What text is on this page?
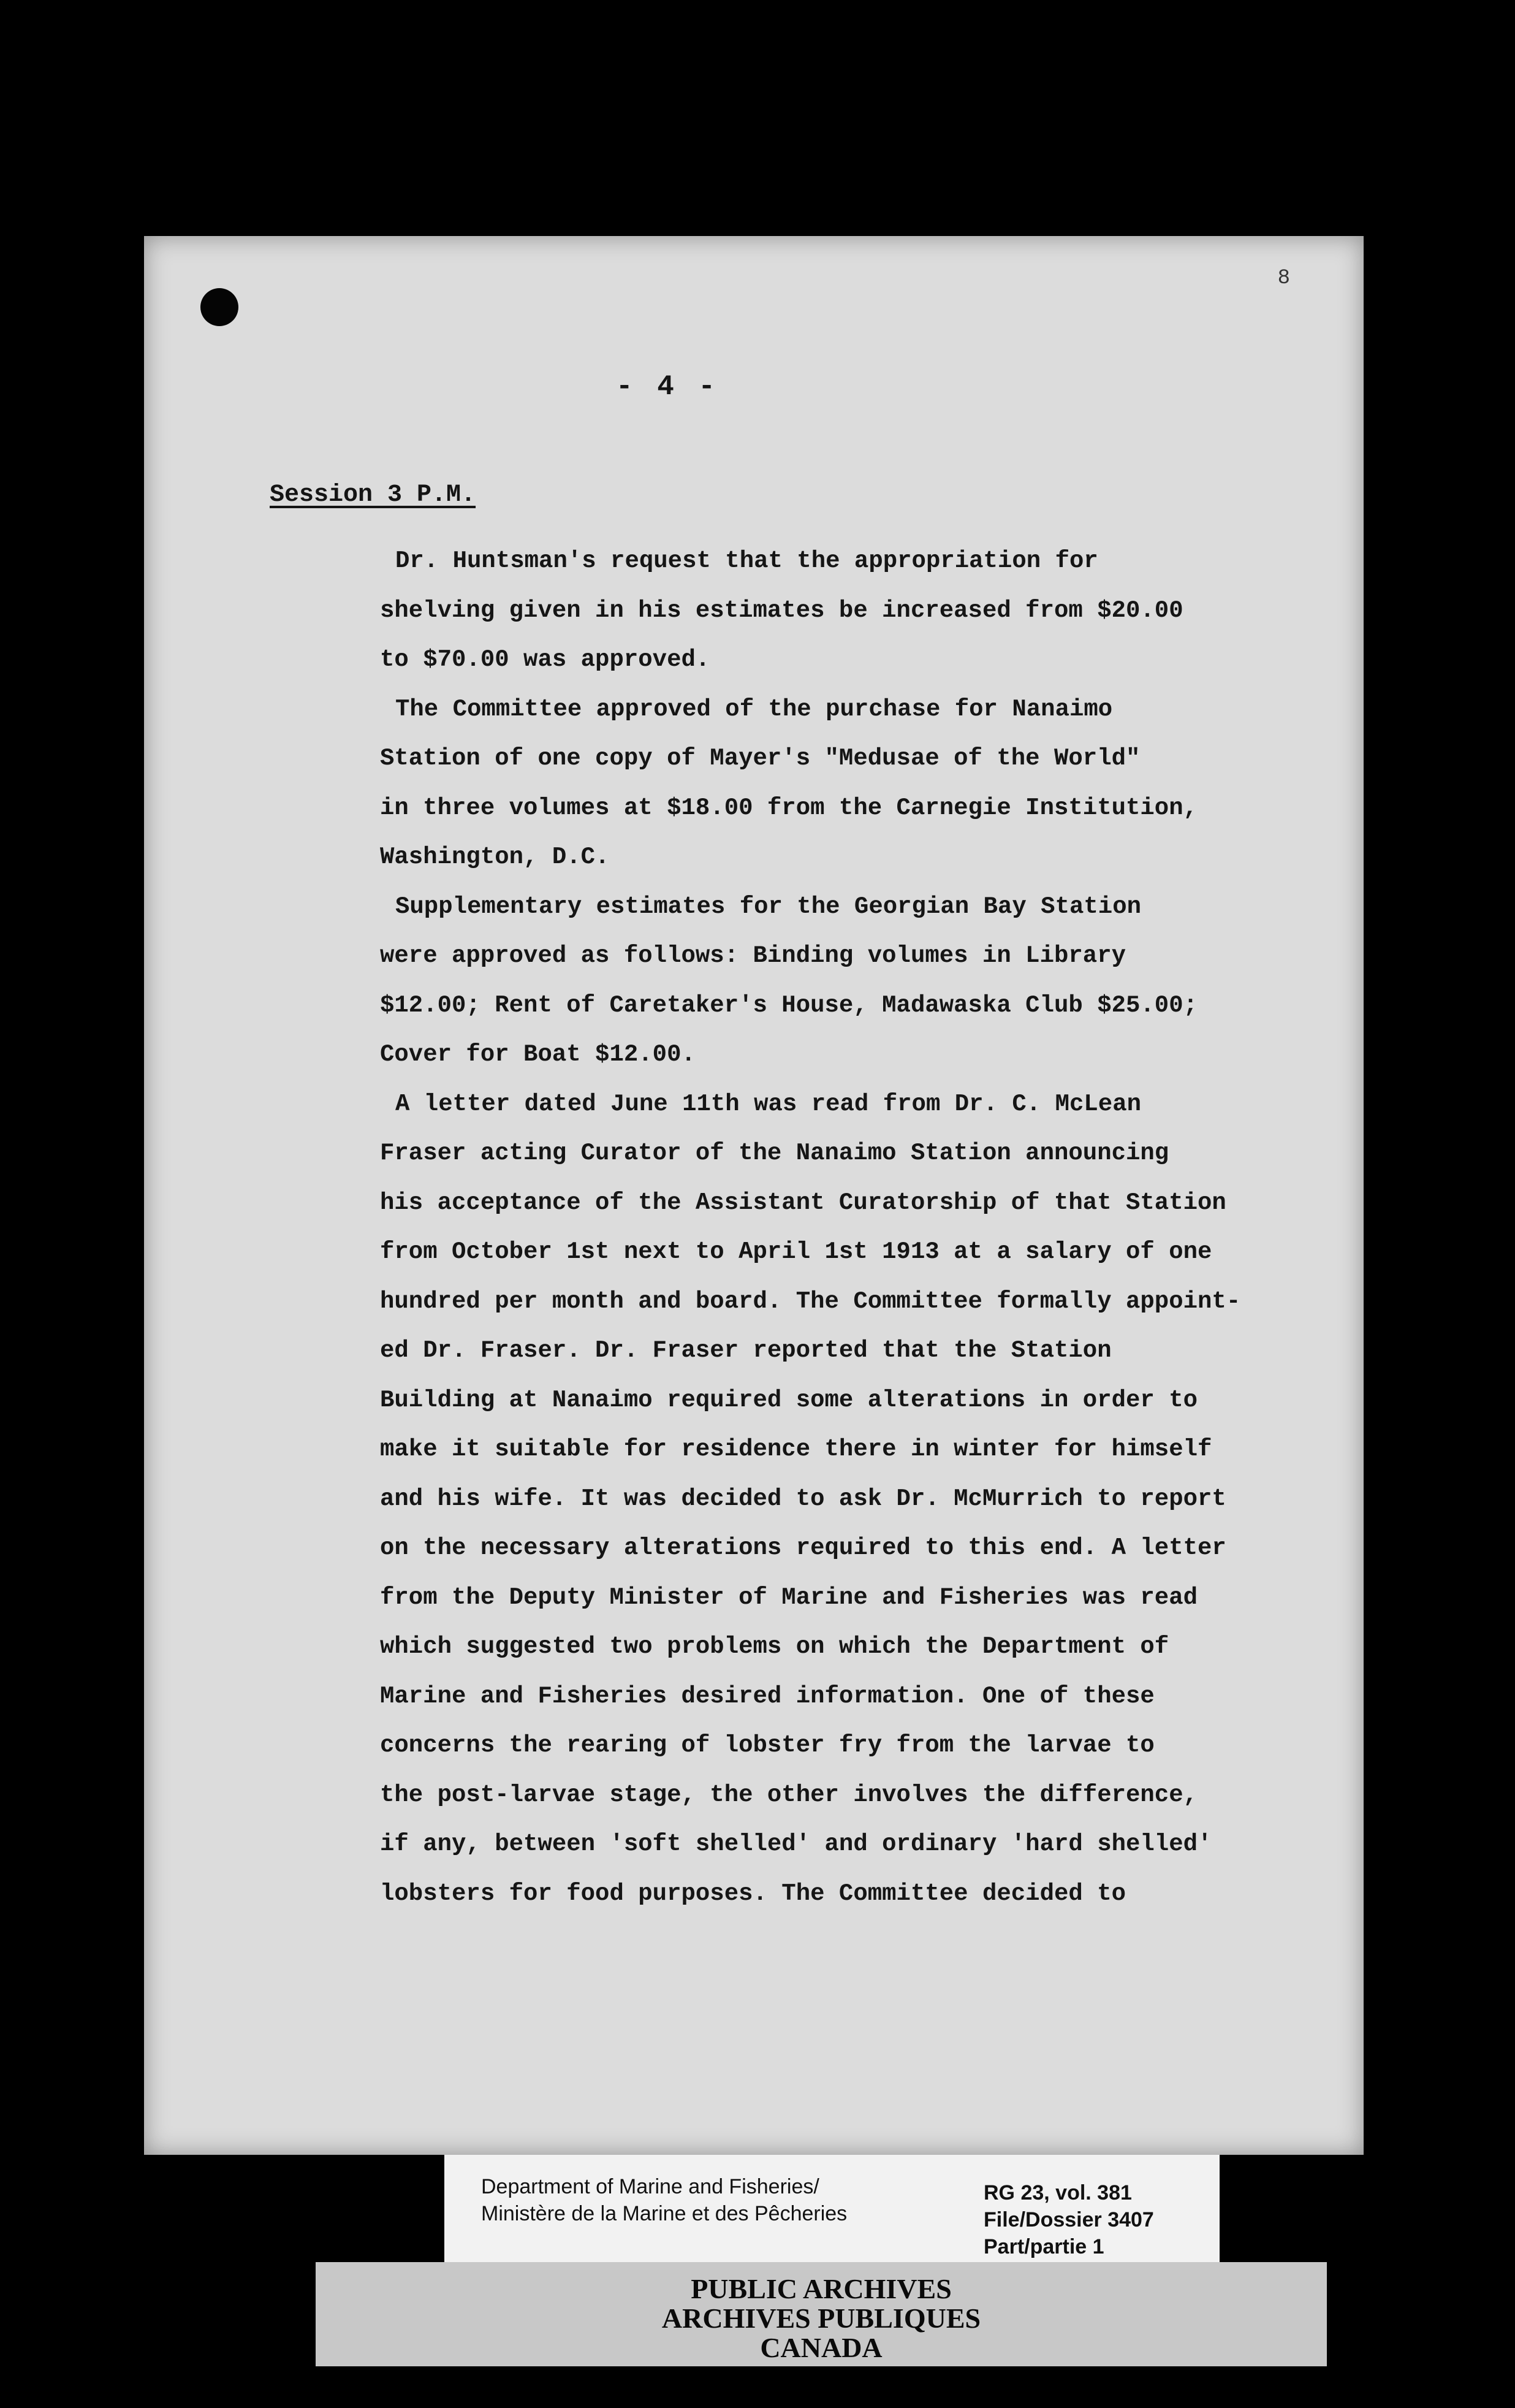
8
- 4 -
Session 3 P.M.
Dr. Huntsman's request that the appropriation for
shelving given in his estimates be increased from $20.00
to $70.00 was approved.
The Committee approved of the purchase for Nanaimo
Station of one copy of Mayer's "Medusae of the World"
in three volumes at $18.00 from the Carnegie Institution,
Washington, D.C.
Supplementary estimates for the Georgian Bay Station
were approved as follows: Binding volumes in Library
$12.00; Rent of Caretaker's House, Madawaska Club $25.00;
Cover for Boat $12.00.
A letter dated June 11th was read from Dr. C. McLean
Fraser acting Curator of the Nanaimo Station announcing
his acceptance of the Assistant Curatorship of that Station
from October 1st next to April 1st 1913 at a salary of one
hundred per month and board. The Committee formally appoint-
ed Dr. Fraser. Dr. Fraser reported that the Station
Building at Nanaimo required some alterations in order to
make it suitable for residence there in winter for himself
and his wife. It was decided to ask Dr. McMurrich to report
on the necessary alterations required to this end. A letter
from the Deputy Minister of Marine and Fisheries was read
which suggested two problems on which the Department of
Marine and Fisheries desired information. One of these
concerns the rearing of lobster fry from the larvae to
the post-larvae stage, the other involves the difference,
if any, between 'soft shelled' and ordinary 'hard shelled'
lobsters for food purposes. The Committee decided to
Department of Marine and Fisheries/
Ministère de la Marine et des Pêcheries
RG 23, vol. 381
File/Dossier 3407
Part/partie 1
PUBLIC ARCHIVES
ARCHIVES PUBLIQUES
CANADA
